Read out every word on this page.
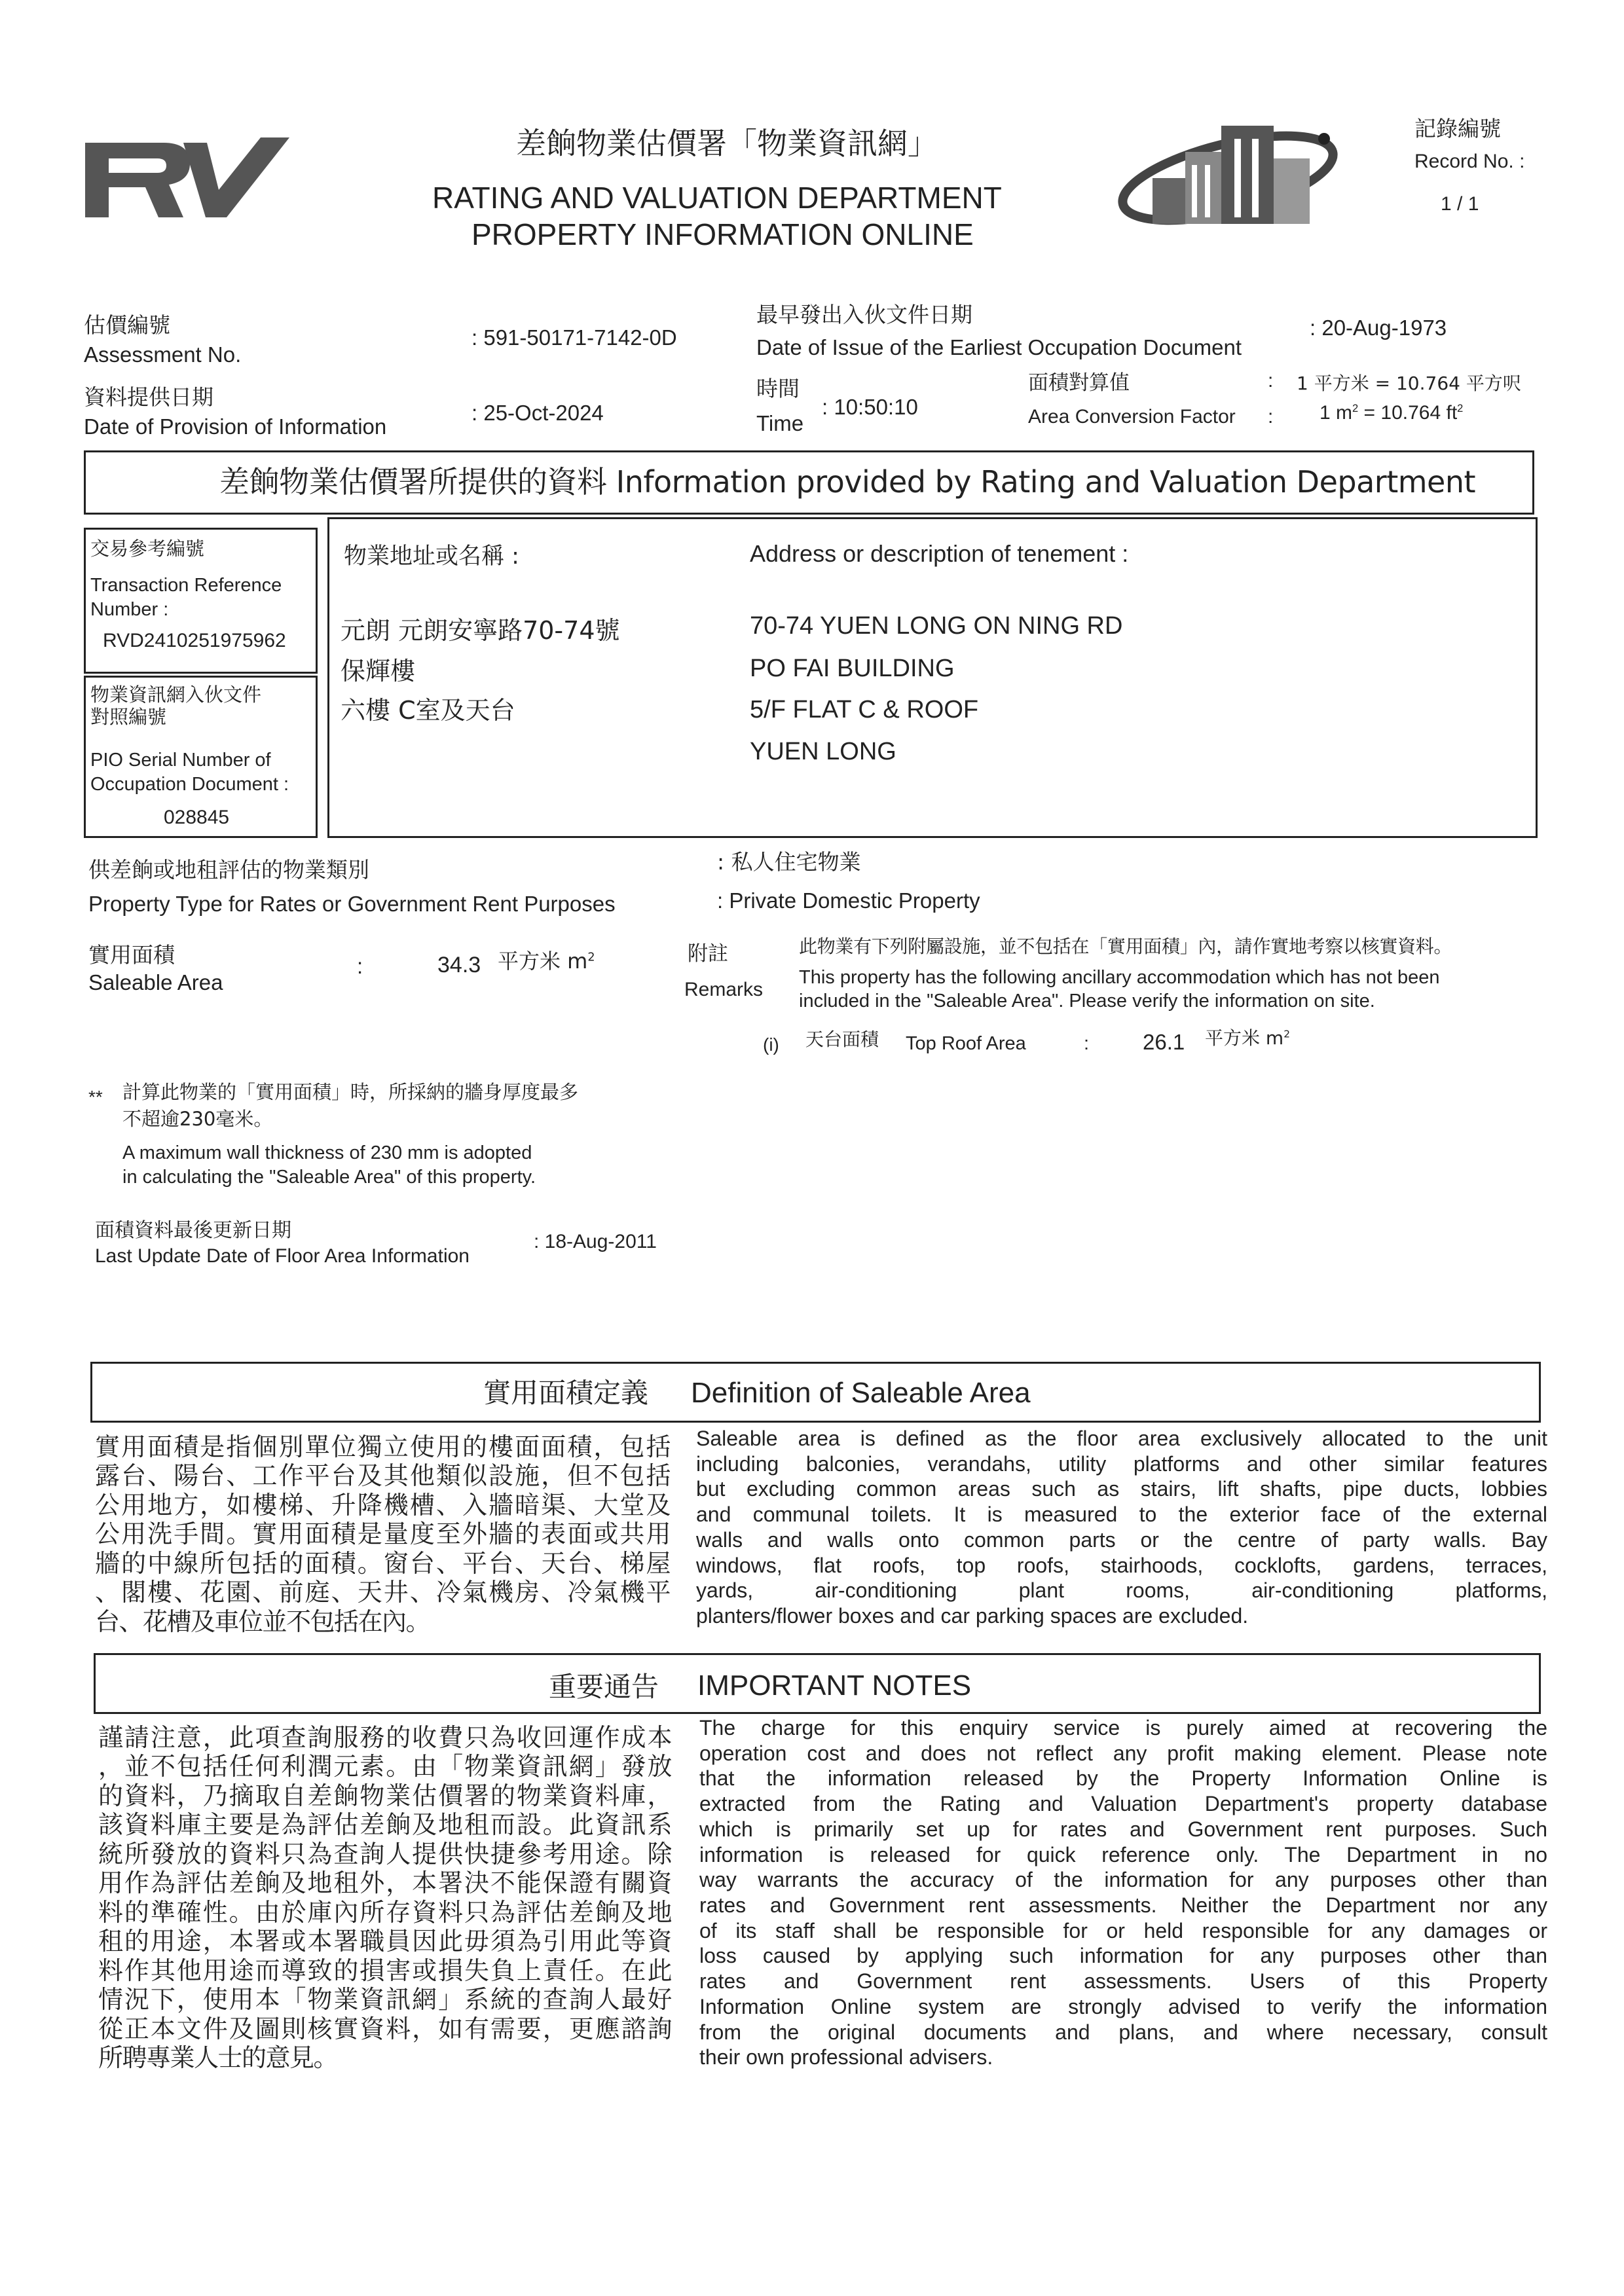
差餉物業估價署「物業資訊網」
RATING AND VALUATION DEPARTMENT
PROPERTY INFORMATION ONLINE
記錄編號
Record No. :
1 / 1
估價編號
Assessment No.
: 591-50171-7142-0D
資料提供日期
Date of Provision of Information
: 25-Oct-2024
最早發出入伙文件日期
Date of Issue of the Earliest Occupation Document
: 20-Aug-1973
時間
Time
: 10:50:10
面積對算值
Area Conversion Factor
:
:
1 平方米 = 10.764 平方呎
1 $m^2 = 10.764$ $ft^2$
差餉物業估價署所提供的資料 Information provided by Rating and Valuation Department
交易參考編號
Transaction Reference
Number :
RVD2410251975962
物業資訊網入伙文件
對照編號
PIO Serial Number of
Occupation Document :
028845
物業地址或名稱 :	Address or description of tenement :
元朗 元朗安寧路70-74號
保輝樓
六樓 C室及天台
70-74 YUEN LONG ON NING RD
PO FAI BUILDING
5/F FLAT C & ROOF
YUEN LONG
供差餉或地租評估的物業類別
Property Type for Rates or Government Rent Purposes
: 私人住宅物業
: Private Domestic Property
實用面積
Saleable Area
:	34.3 平方米 $m^2$	附註
Remarks
此物業有下列附屬設施，並不包括在「實用面積」內，請作實地考察以核實資料。
This property has the following ancillary accommodation which has not been
included in the "Saleable Area". Please verify the information on site.
(i) 天台面積 Top Roof Area	: 26.1 平方米 $m^2$
** 計算此物業的「實用面積」時，所採納的牆身厚度最多
不超逾230毫米。
A maximum wall thickness of 230 mm is adopted
in calculating the "Saleable Area" of this property.
面積資料最後更新日期
Last Update Date of Floor Area Information
: 18-Aug-2011
實用面積定義 Definition of Saleable Area
實用面積是指個別單位獨立使用的樓面面積，包括
露台、陽台、工作平台及其他類似設施，但不包括
公用地方，如樓梯、升降機槽、入牆暗渠、大堂及
公用洗手間。實用面積是量度至外牆的表面或共用
牆的中線所包括的面積。窗台、平台、天台、梯屋
、閣樓、花園、前庭、天井、冷氣機房、冷氣機平
台、花槽及車位並不包括在內。
Saleable area is defined as the floor area exclusively allocated to the unit
including balconies, verandahs, utility platforms and other similar features
but excluding common areas such as stairs, lift shafts, pipe ducts, lobbies
and communal toilets. It is measured to the exterior face of the external
walls and walls onto common parts or the centre of party walls. Bay
windows, flat roofs, top roofs, stairhoods, cocklofts, gardens, terraces,
yards, air-conditioning plant rooms, air-conditioning platforms,
planters/flower boxes and car parking spaces are excluded.
重要通告 IMPORTANT NOTES
謹請注意，此項查詢服務的收費只為收回運作成本
，並不包括任何利潤元素。由「物業資訊網」發放
的資料，乃摘取自差餉物業估價署的物業資料庫，
該資料庫主要是為評估差餉及地租而設。此資訊系
統所發放的資料只為查詢人提供快捷參考用途。除
用作為評估差餉及地租外，本署決不能保證有關資
料的準確性。由於庫內所存資料只為評估差餉及地
租的用途，本署或本署職員因此毋須為引用此等資
料作其他用途而導致的損害或損失負上責任。在此
情況下，使用本「物業資訊網」系統的查詢人最好
從正本文件及圖則核實資料，如有需要，更應諮詢
所聘專業人士的意見。
The charge for this enquiry service is purely aimed at recovering the
operation cost and does not reflect any profit making element. Please note
that the information released by the Property Information Online is
extracted from the Rating and Valuation Department's property database
which is primarily set up for rates and Government rent purposes. Such
information is released for quick reference only. The Department in no
way warrants the accuracy of the information for any purposes other than
rates and Government rent assessments. Neither the Department nor any
of its staff shall be responsible for or held responsible for any damages or
loss caused by applying such information for any purposes other than
rates and Government rent assessments. Users of this Property
Information Online system are strongly advised to verify the information
from the original documents and plans, and where necessary, consult
their own professional advisers.
